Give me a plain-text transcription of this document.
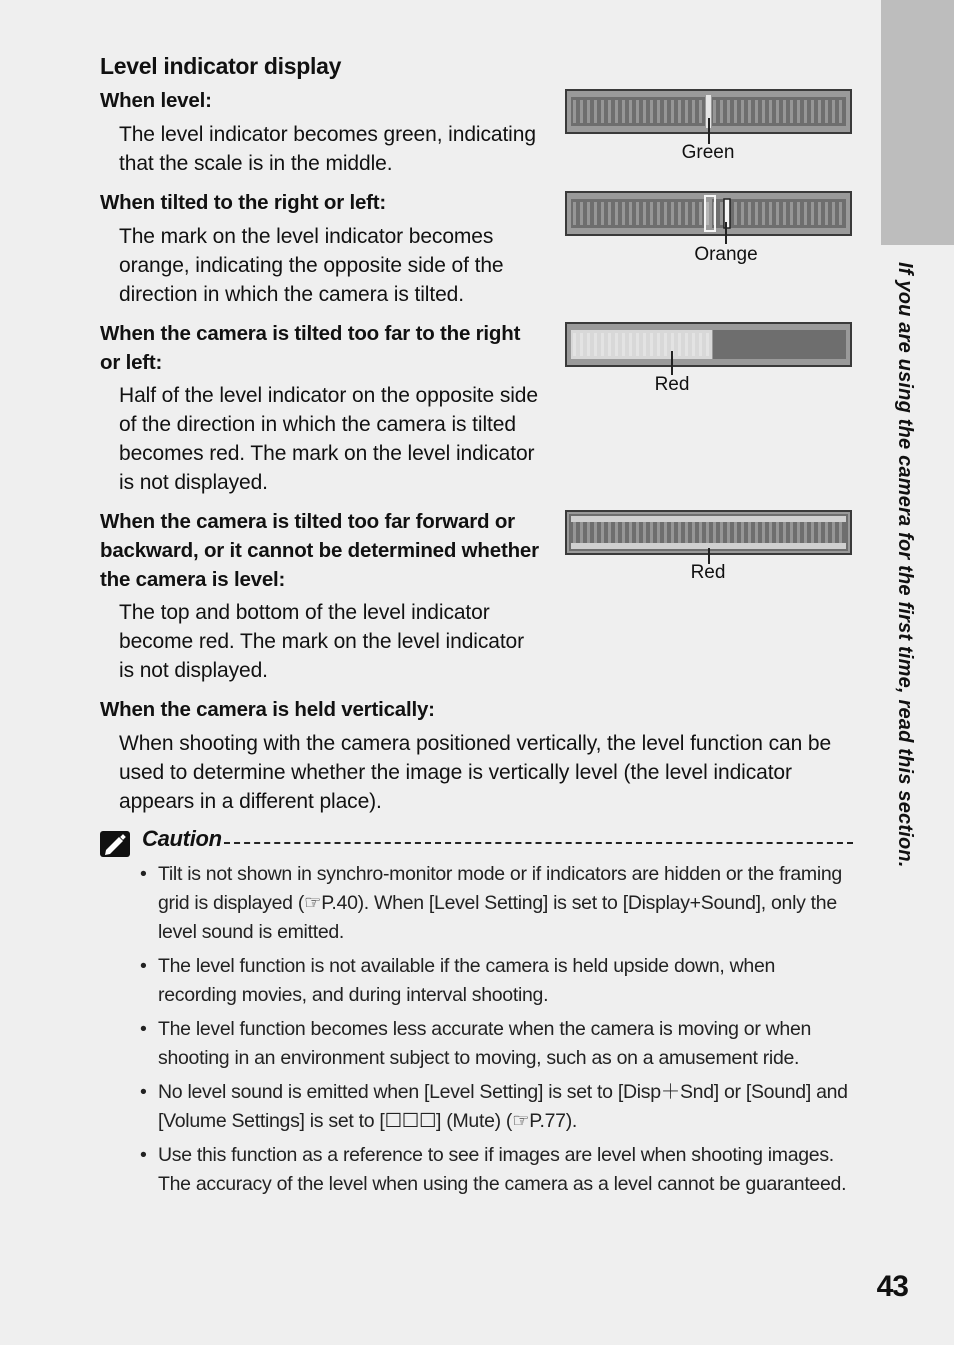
If you are using the camera for the first time, read this section.
43
Level indicator display
When level:
The level indicator becomes green, indicating that the scale is in the middle.
When tilted to the right or left:
The mark on the level indicator becomes orange, indicating the opposite side of the direction in which the camera is tilted.
When the camera is tilted too far to the right or left:
Half of the level indicator on the opposite side of the direction in which the camera is tilted becomes red. The mark on the level indicator is not displayed.
When the camera is tilted too far forward or backward, or it cannot be determined whether the camera is level:
The top and bottom of the level indicator become red. The mark on the level indicator is not displayed.
When the camera is held vertically:
When shooting with the camera positioned vertically, the level function can be used to determine whether the image is vertically level (the level indicator appears in a different place).
Green
Orange
Red
Red
Caution
• Tilt is not shown in synchro-monitor mode or if indicators are hidden or the framing grid is displayed (☞P.40). When [Level Setting] is set to [Display+Sound], only the level sound is emitted.
• The level function is not available if the camera is held upside down, when recording movies, and during interval shooting.
• The level function becomes less accurate when the camera is moving or when shooting in an environment subject to moving, such as on a amusement ride.
• No level sound is emitted when [Level Setting] is set to [Disp＋Snd] or [Sound] and [Volume Settings] is set to [☐☐☐] (Mute) (☞P.77).
• Use this function as a reference to see if images are level when shooting images. The accuracy of the level when using the camera as a level cannot be guaranteed.
